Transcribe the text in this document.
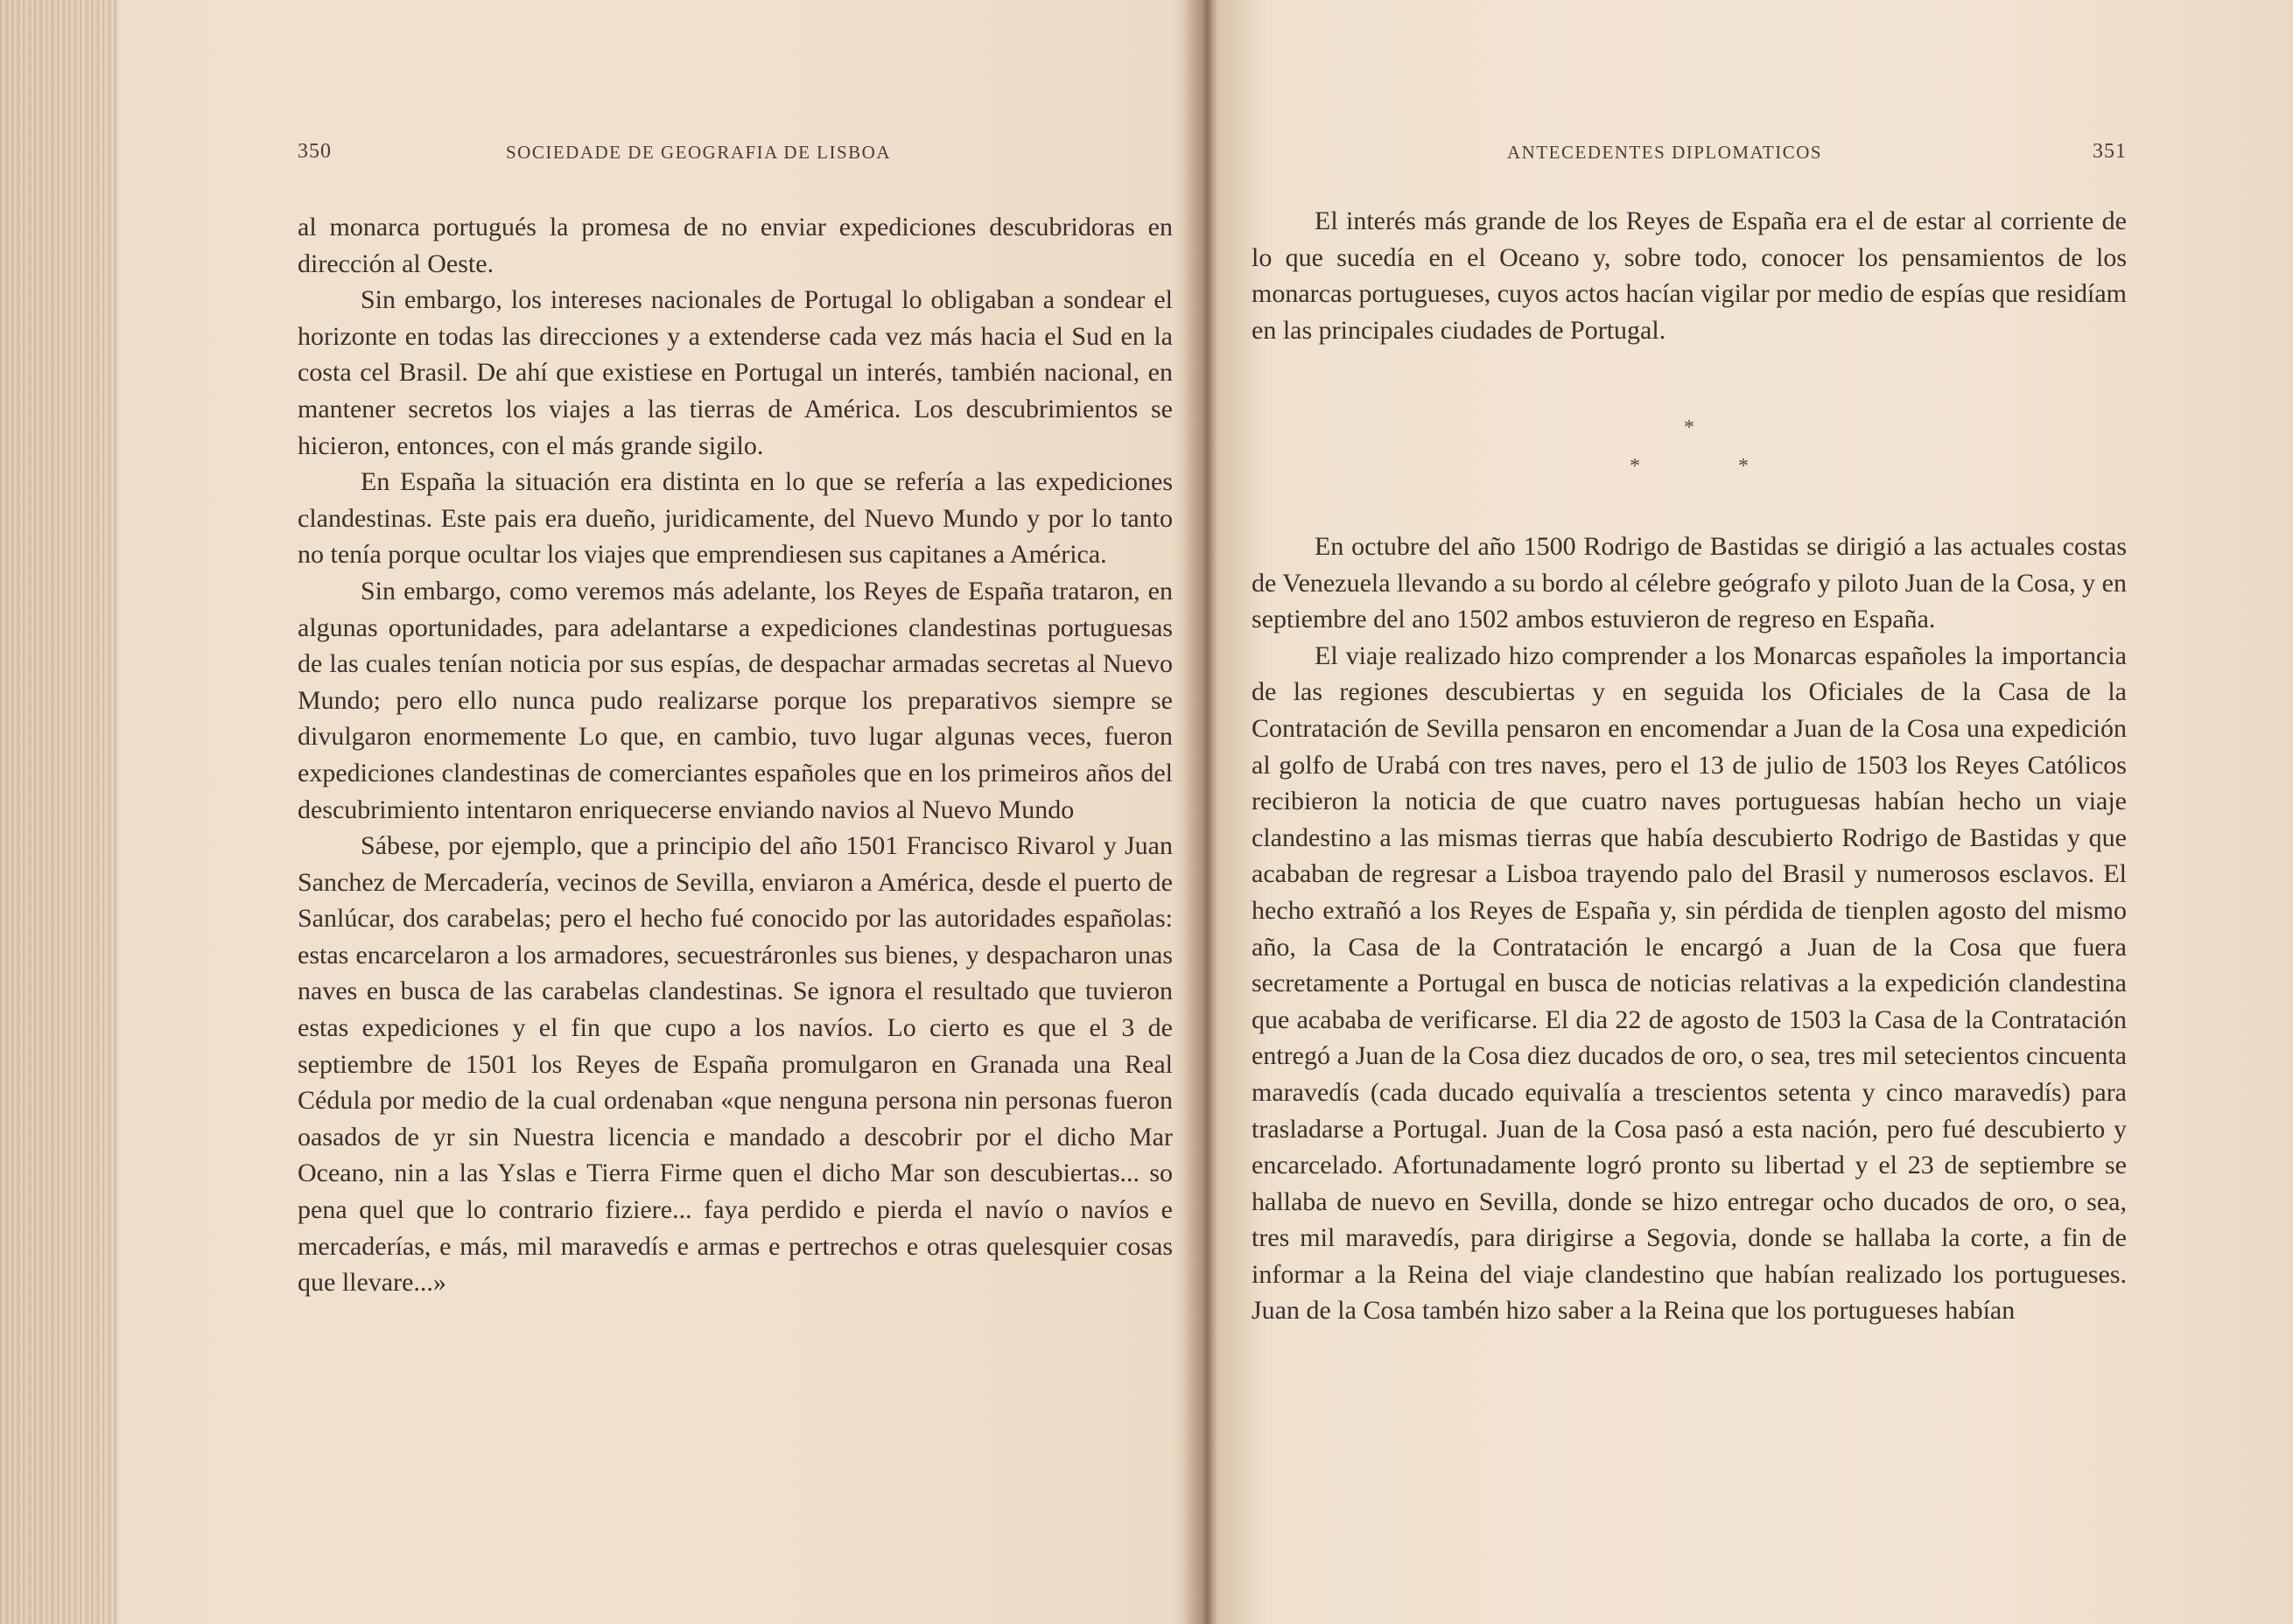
350	SOCIEDADE DE GEOGRAFIA DE LISBOA

al monarca portugués la promesa de no enviar expediciones descubridoras en dirección al Oeste.

Sin embargo, los intereses nacionales de Portugal lo obligaban a sondear el horizonte en todas las direcciones y a extenderse cada vez más hacia el Sud en la costa cel Brasil. De ahí que existiese en Portugal un interés, también nacional, en mantener secretos los viajes a las tierras de América. Los descubrimientos se hicieron, entonces, con el más grande sigilo.

En España la situación era distinta en lo que se refería a las expediciones clandestinas. Este pais era dueño, juridicamente, del Nuevo Mundo y por lo tanto no tenía porque ocultar los viajes que emprendiesen sus capitanes a América.

Sin embargo, como veremos más adelante, los Reyes de España trataron, en algunas oportunidades, para adelantarse a expediciones clandestinas portuguesas de las cuales tenían noticia por sus espías, de despachar armadas secretas al Nuevo Mundo; pero ello nunca pudo realizarse porque los preparativos siempre se divulgaron enormemente Lo que, en cambio, tuvo lugar algunas veces, fueron expediciones clandestinas de comerciantes españoles que en los primeiros años del descubrimiento intentaron enriquecerse enviando navios al Nuevo Mundo

Sábese, por ejemplo, que a principio del año 1501 Francisco Rivarol y Juan Sanchez de Mercadería, vecinos de Sevilla, enviaron a América, desde el puerto de Sanlúcar, dos carabelas; pero el hecho fué conocido por las autoridades españolas: estas encarcelaron a los armadores, secuestráronles sus bienes, y despacharon unas naves en busca de las carabelas clandestinas. Se ignora el resultado que tuvieron estas expediciones y el fin que cupo a los navíos. Lo cierto es que el 3 de septiembre de 1501 los Reyes de España promulgaron en Granada una Real Cédula por medio de la cual ordenaban «que nenguna persona nin personas fueron oasados de yr sin Nuestra licencia e mandado a descobrir por el dicho Mar Oceano, nin a las Yslas e Tierra Firme quen el dicho Mar son descubiertas... so pena quel que lo contrario fiziere... faya perdido e pierda el navío o navíos e mercaderías, e más, mil maravedís e armas e pertrechos e otras quelesquier cosas que llevare...»

ANTECEDENTES DIPLOMATICOS	351

El interés más grande de los Reyes de España era el de estar al corriente de lo que sucedía en el Oceano y, sobre todo, conocer los pensamientos de los monarcas portugueses, cuyos actos hacían vigilar por medio de espías que residíam en las principales ciudades de Portugal.

*
*	*

En octubre del año 1500 Rodrigo de Bastidas se dirigió a las actuales costas de Venezuela llevando a su bordo al célebre geógrafo y piloto Juan de la Cosa, y en septiembre del ano 1502 ambos estuvieron de regreso en España.

El viaje realizado hizo comprender a los Monarcas españoles la importancia de las regiones descubiertas y en seguida los Oficiales de la Casa de la Contratación de Sevilla pensaron en encomendar a Juan de la Cosa una expedición al golfo de Urabá con tres naves, pero el 13 de julio de 1503 los Reyes Católicos recibieron la noticia de que cuatro naves portuguesas habían hecho un viaje clandestino a las mismas tierras que había descubierto Rodrigo de Bastidas y que acababan de regresar a Lisboa trayendo palo del Brasil y numerosos esclavos. El hecho extrañó a los Reyes de España y, sin pérdida de tienplen agosto del mismo año, la Casa de la Contratación le encargó a Juan de la Cosa que fuera secretamente a Portugal en busca de noticias relativas a la expedición clandestina que acababa de verificarse. El dia 22 de agosto de 1503 la Casa de la Contratación entregó a Juan de la Cosa diez ducados de oro, o sea, tres mil setecientos cincuenta maravedís (cada ducado equivalía a trescientos setenta y cinco maravedís) para trasladarse a Portugal. Juan de la Cosa pasó a esta nación, pero fué descubierto y encarcelado. Afortunadamente logró pronto su libertad y el 23 de septiembre se hallaba de nuevo en Sevilla, donde se hizo entregar ocho ducados de oro, o sea, tres mil maravedís, para dirigirse a Segovia, donde se hallaba la corte, a fin de informar a la Reina del viaje clandestino que habían realizado los portugueses. Juan de la Cosa tambén hizo saber a la Reina que los portugueses habían
